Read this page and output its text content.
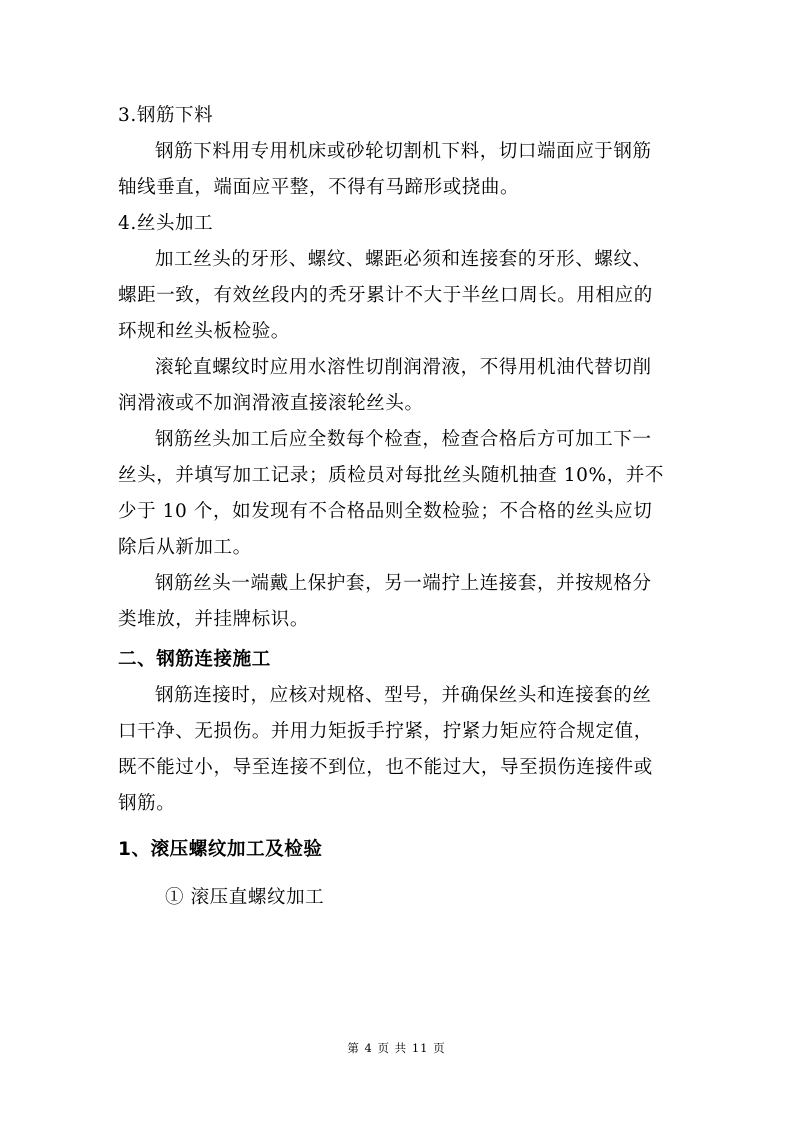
3.钢筋下料
钢筋下料用专用机床或砂轮切割机下料，切口端面应于钢筋
轴线垂直，端面应平整，不得有马蹄形或挠曲。
4.丝头加工
加工丝头的牙形、螺纹、螺距必须和连接套的牙形、螺纹、
螺距一致，有效丝段内的秃牙累计不大于半丝口周长。用相应的
环规和丝头板检验。
滚轮直螺纹时应用水溶性切削润滑液，不得用机油代替切削
润滑液或不加润滑液直接滚轮丝头。
钢筋丝头加工后应全数每个检查，检查合格后方可加工下一
丝头，并填写加工记录；质检员对每批丝头随机抽查 10%，并不
少于 10 个，如发现有不合格品则全数检验；不合格的丝头应切
除后从新加工。
钢筋丝头一端戴上保护套，另一端拧上连接套，并按规格分
类堆放，并挂牌标识。
二、钢筋连接施工
钢筋连接时，应核对规格、型号，并确保丝头和连接套的丝
口干净、无损伤。并用力矩扳手拧紧，拧紧力矩应符合规定值，
既不能过小，导至连接不到位，也不能过大，导至损伤连接件或
钢筋。
1、滚压螺纹加工及检验
① 滚压直螺纹加工
第 4 页 共 11 页
